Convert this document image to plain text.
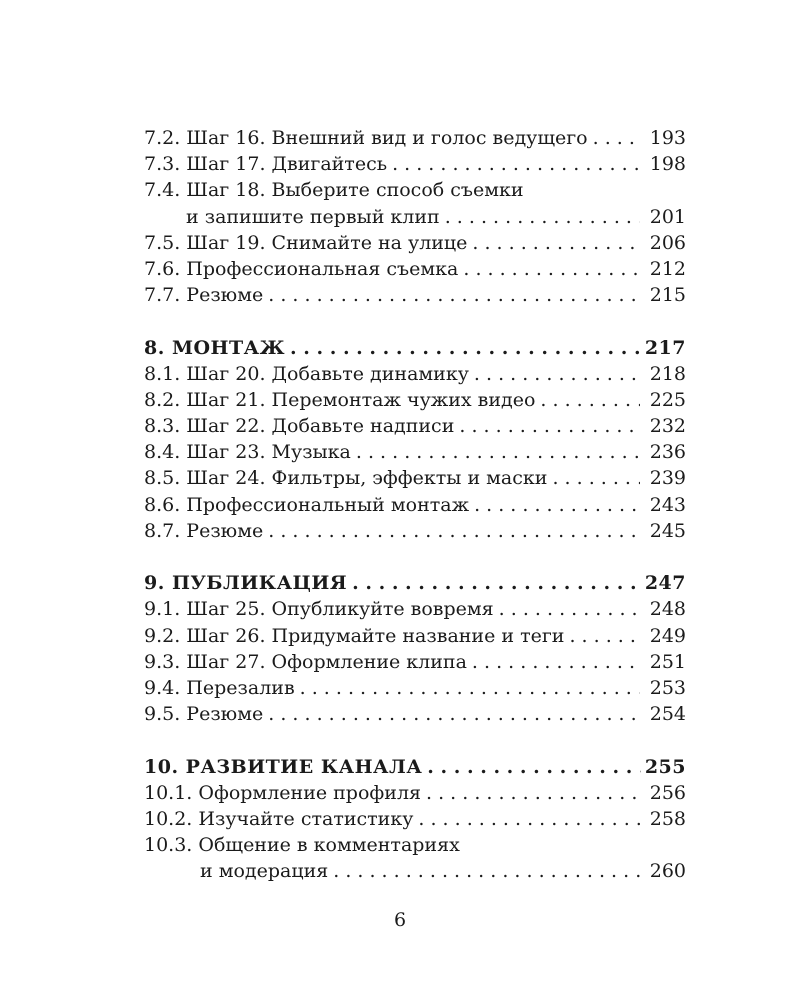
7.2. Шаг 16. Внешний вид и голос ведущего . . .	193
7.3. Шаг 17. Двигайтесь . . .	198
7.4. Шаг 18. Выберите способ съемки
и запишите первый клип . . .	201
7.5. Шаг 19. Снимайте на улице . . .	206
7.6. Профессиональная съемка . . .	212
7.7. Резюме . . .	215
8. МОНТАЖ . . .	217
8.1. Шаг 20. Добавьте динамику . . .	218
8.2. Шаг 21. Перемонтаж чужих видео . . .	225
8.3. Шаг 22. Добавьте надписи . . .	232
8.4. Шаг 23. Музыка . . .	236
8.5. Шаг 24. Фильтры, эффекты и маски . . .	239
8.6. Профессиональный монтаж . . .	243
8.7. Резюме . . .	245
9. ПУБЛИКАЦИЯ . . .	247
9.1. Шаг 25. Опубликуйте вовремя . . .	248
9.2. Шаг 26. Придумайте название и теги . . .	249
9.3. Шаг 27. Оформление клипа . . .	251
9.4. Перезалив . . .	253
9.5. Резюме . . .	254
10. РАЗВИТИЕ КАНАЛА . . .	255
10.1. Оформление профиля . . .	256
10.2. Изучайте статистику . . .	258
10.3. Общение в комментариях
и модерация . . .	260
6
